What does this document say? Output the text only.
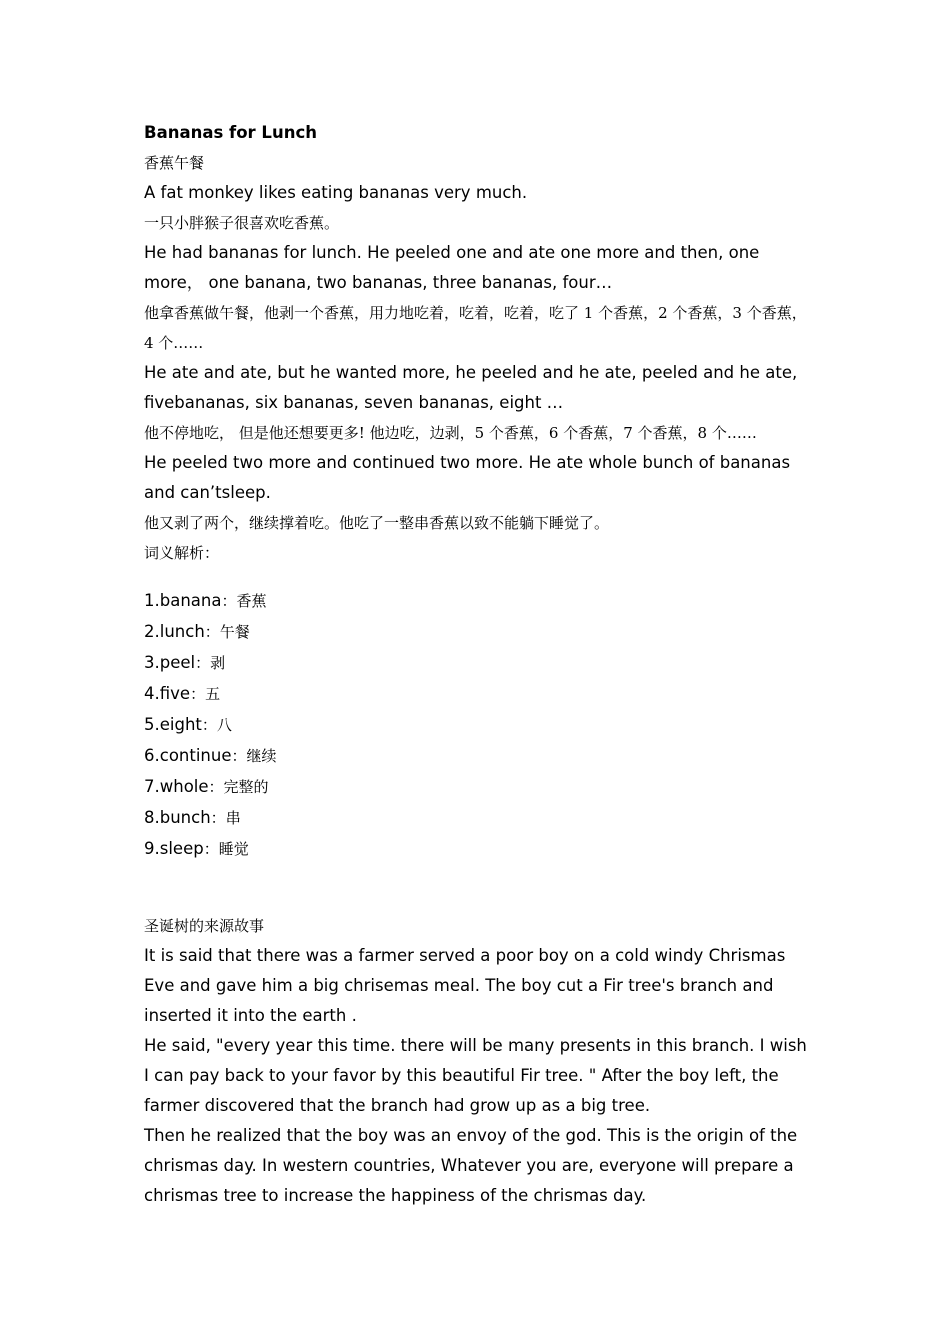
Bananas for Lunch

香蕉午餐

A fat monkey likes eating bananas very much.

一只小胖猴子很喜欢吃香蕉。

He had bananas for lunch. He peeled one and ate one more and then, one more， one banana, two bananas, three bananas, four…

他拿香蕉做午餐，他剥一个香蕉，用力地吃着，吃着，吃着，吃了 1 个香蕉，2 个香蕉，3 个香蕉，4 个……

He ate and ate, but he wanted more, he peeled and he ate, peeled and he ate, fivebananas, six bananas, seven bananas, eight …

他不停地吃， 但是他还想要更多! 他边吃，边剥，5 个香蕉，6 个香蕉，7 个香蕉，8 个……

He peeled two more and continued two more. He ate whole bunch of bananas and can’tsleep.

他又剥了两个，继续撑着吃。他吃了一整串香蕉以致不能躺下睡觉了。

词义解析：

1.banana：香蕉
2.lunch：午餐
3.peel：剥
4.five：五
5.eight：八
6.continue：继续
7.whole：完整的
8.bunch：串
9.sleep：睡觉

圣诞树的来源故事

It is said that there was a farmer served a poor boy on a cold windy Chrismas Eve and gave him a big chrisemas meal. The boy cut a Fir tree's branch and inserted it into the earth .

He said, "every year this time. there will be many presents in this branch. I wish I can pay back to your favor by this beautiful Fir tree. " After the boy left, the farmer discovered that the branch had grow up as a big tree.

Then he realized that the boy was an envoy of the god. This is the origin of the chrismas day. In western countries, Whatever you are, everyone will prepare a chrismas tree to increase the happiness of the chrismas day.
